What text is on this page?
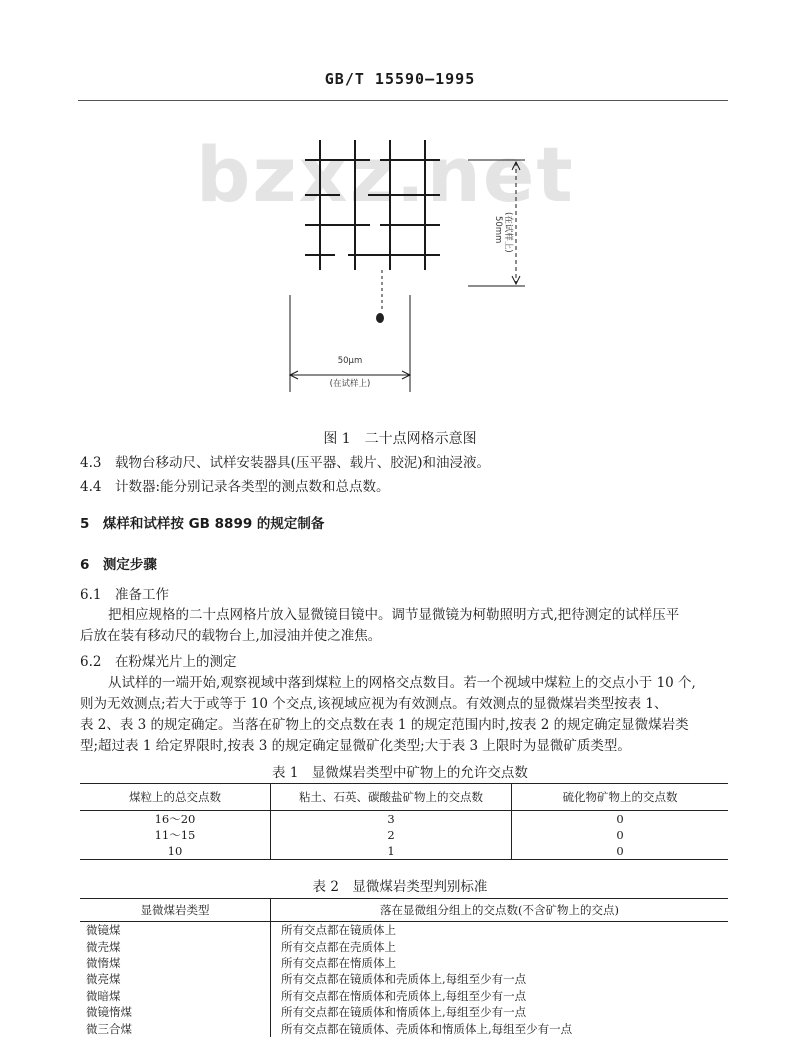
GB/T 15590—1995
bzxz.net
50mm (在试样上)
50μm
(在试样上)
图 1　二十点网格示意图
4.3　载物台移动尺、试样安装器具(压平器、载片、胶泥)和油浸液。
4.4　计数器:能分别记录各类型的测点数和总点数。
5　煤样和试样按 GB 8899 的规定制备
6　测定步骤
6.1　准备工作
把相应规格的二十点网格片放入显微镜目镜中。调节显微镜为柯勒照明方式,把待测定的试样压平
后放在装有移动尺的载物台上,加浸油并使之准焦。
6.2　在粉煤光片上的测定
从试样的一端开始,观察视域中落到煤粒上的网格交点数目。若一个视域中煤粒上的交点小于 10 个,
则为无效测点;若大于或等于 10 个交点,该视域应视为有效测点。有效测点的显微煤岩类型按表 1、
表 2、表 3 的规定确定。当落在矿物上的交点数在表 1 的规定范围内时,按表 2 的规定确定显微煤岩类
型;超过表 1 给定界限时,按表 3 的规定确定显微矿化类型;大于表 3 上限时为显微矿质类型。
表 1　显微煤岩类型中矿物上的允许交点数
煤粒上的总交点数	粘土、石英、碳酸盐矿物上的交点数	硫化物矿物上的交点数
16～20	3	0
11～15	2	0
10	1	0
表 2　显微煤岩类型判别标准
显微煤岩类型	落在显微组分组上的交点数(不含矿物上的交点)
微镜煤	所有交点都在镜质体上
微壳煤	所有交点都在壳质体上
微惰煤	所有交点都在惰质体上
微亮煤	所有交点都在镜质体和壳质体上,每组至少有一点
微暗煤	所有交点都在惰质体和壳质体上,每组至少有一点
微镜惰煤	所有交点都在镜质体和惰质体上,每组至少有一点
微三合煤	所有交点都在镜质体、壳质体和惰质体上,每组至少有一点
